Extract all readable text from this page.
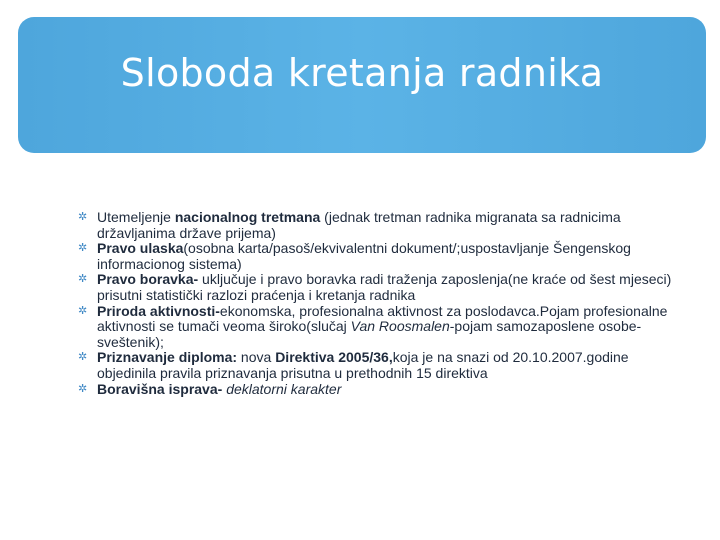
Sloboda kretanja radnika
✲ Utemeljenje nacionalnog tretmana (jednak tretman radnika migranata sa radnicima državljanima države prijema)
✲ Pravo ulaska(osobna karta/pasoš/ekvivalentni dokument/;uspostavljanje Šengenskog informacionog sistema)
✲ Pravo boravka- uključuje i pravo boravka radi traženja zaposlenja(ne kraće od šest mjeseci) prisutni statistički razlozi praćenja i kretanja radnika
✲ Priroda aktivnosti-ekonomska, profesionalna aktivnost za poslodavca.Pojam profesionalne aktivnosti se tumači veoma široko(slučaj Van Roosmalen-pojam samozaposlene osobe-sveštenik);
✲ Priznavanje diploma: nova Direktiva 2005/36,koja je na snazi od 20.10.2007.godine objedinila pravila priznavanja prisutna u prethodnih 15 direktiva
✲ Boravišna isprava- deklatorni karakter
